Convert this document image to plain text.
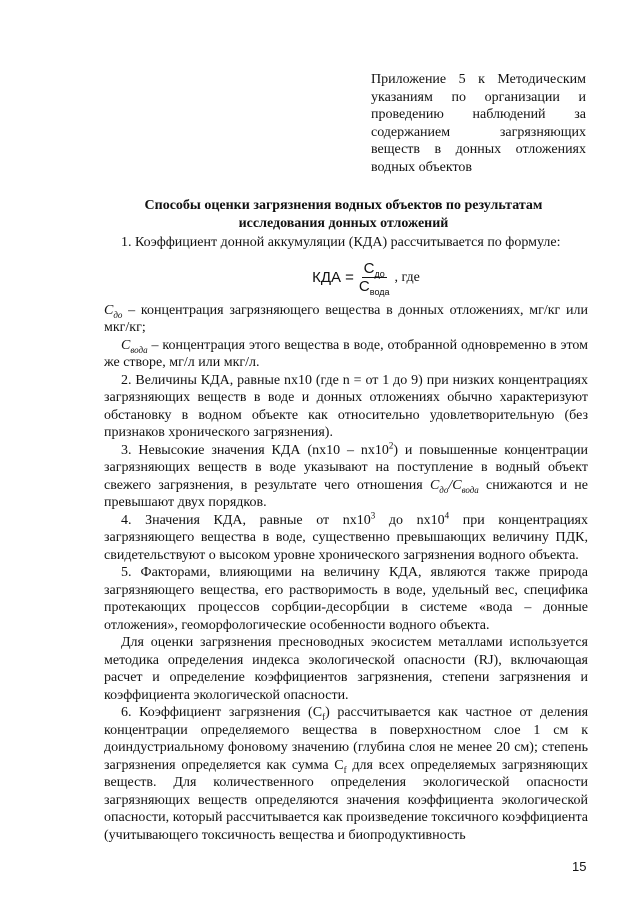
Приложение 5 к Методическим
указаниям по организации и
проведению наблюдений за
содержанием загрязняющих
веществ в донных отложениях
водных объектов
Способы оценки загрязнения водных объектов по результатам
исследования донных отложений

1. Коэффициент донной аккумуляции (КДА) рассчитывается по формуле:

КДА = $\frac{C_{до}}{C_{вода}}$ , где

$C_{до}$ – концентрация загрязняющего вещества в донных отложениях, мг/кг или мкг/кг;

$C_{вода}$ – концентрация этого вещества в воде, отобранной одновременно в этом же створе, мг/л или мкг/л.

2. Величины КДА, равные nx10 (где n = от 1 до 9) при низких концентрациях загрязняющих веществ в воде и донных отложениях обычно характеризуют обстановку в водном объекте как относительно удовлетворительную (без признаков хронического загрязнения).

3. Невысокие значения КДА $(nx10 - nx10^2)$ и повышенные концентрации загрязняющих веществ в воде указывают на поступление в водный объект свежего загрязнения, в результате чего отношения $C_{до}/C_{вода}$ снижаются и не превышают двух порядков.

4. Значения КДА, равные от $nx10^3$ до $nx10^4$ при концентрациях загрязняющего вещества в воде, существенно превышающих величину ПДК, свидетельствуют о высоком уровне хронического загрязнения водного объекта.

5. Факторами, влияющими на величину КДА, являются также природа загрязняющего вещества, его растворимость в воде, удельный вес, специфика протекающих процессов сорбции-десорбции в системе «вода – донные отложения», геоморфологические особенности водного объекта.

Для оценки загрязнения пресноводных экосистем металлами используется методика определения индекса экологической опасности (RJ), включающая расчет и определение коэффициентов загрязнения, степени загрязнения и коэффициента экологической опасности.

6. Коэффициент загрязнения $(C_f)$ рассчитывается как частное от деления концентрации определяемого вещества в поверхностном слое 1 см к доиндустриальному фоновому значению (глубина слоя не менее 20 см); степень загрязнения определяется как сумма $C_f$ для всех определяемых загрязняющих веществ. Для количественного определения экологической опасности загрязняющих веществ определяются значения коэффициента экологической опасности, который рассчитывается как произведение токсичного коэффициента (учитывающего токсичность вещества и биопродуктивность

15
